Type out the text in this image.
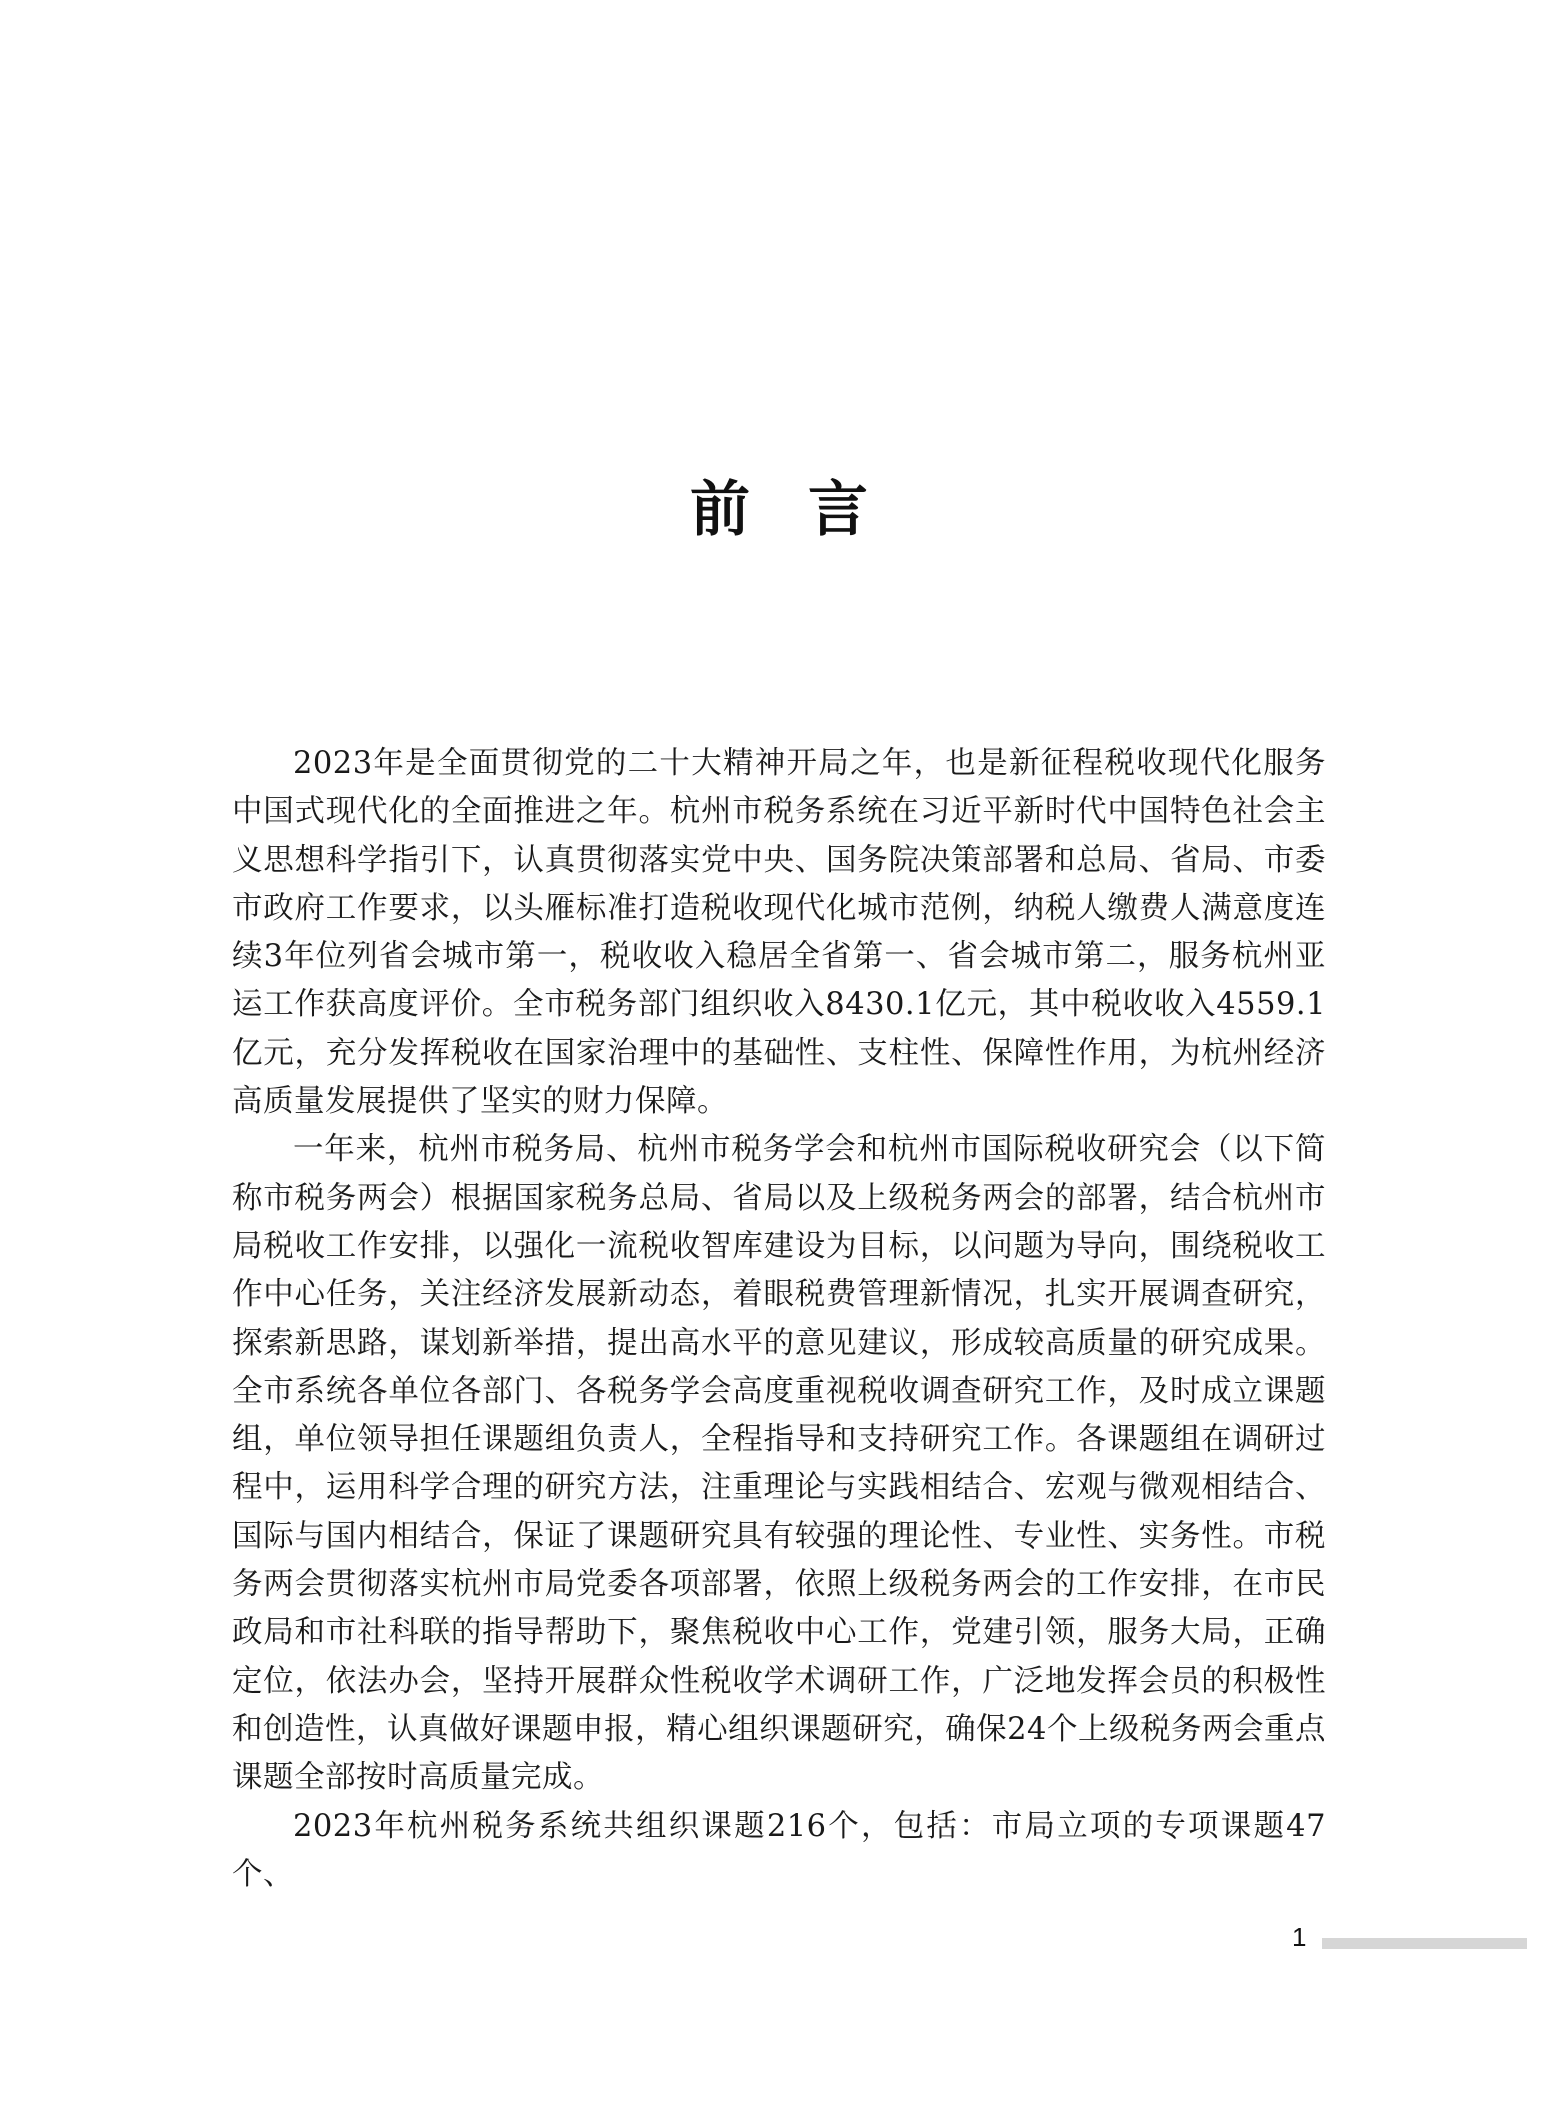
前言

2023年是全面贯彻党的二十大精神开局之年，也是新征程税收现代化服务中国式现代化的全面推进之年。杭州市税务系统在习近平新时代中国特色社会主义思想科学指引下，认真贯彻落实党中央、国务院决策部署和总局、省局、市委市政府工作要求，以头雁标准打造税收现代化城市范例，纳税人缴费人满意度连续3年位列省会城市第一，税收收入稳居全省第一、省会城市第二，服务杭州亚运工作获高度评价。全市税务部门组织收入8430.1亿元，其中税收收入4559.1亿元，充分发挥税收在国家治理中的基础性、支柱性、保障性作用，为杭州经济高质量发展提供了坚实的财力保障。

一年来，杭州市税务局、杭州市税务学会和杭州市国际税收研究会（以下简称市税务两会）根据国家税务总局、省局以及上级税务两会的部署，结合杭州市局税收工作安排，以强化一流税收智库建设为目标，以问题为导向，围绕税收工作中心任务，关注经济发展新动态，着眼税费管理新情况，扎实开展调查研究，探索新思路，谋划新举措，提出高水平的意见建议，形成较高质量的研究成果。全市系统各单位各部门、各税务学会高度重视税收调查研究工作，及时成立课题组，单位领导担任课题组负责人，全程指导和支持研究工作。各课题组在调研过程中，运用科学合理的研究方法，注重理论与实践相结合、宏观与微观相结合、国际与国内相结合，保证了课题研究具有较强的理论性、专业性、实务性。市税务两会贯彻落实杭州市局党委各项部署，依照上级税务两会的工作安排，在市民政局和市社科联的指导帮助下，聚焦税收中心工作，党建引领，服务大局，正确定位，依法办会，坚持开展群众性税收学术调研工作，广泛地发挥会员的积极性和创造性，认真做好课题申报，精心组织课题研究，确保24个上级税务两会重点课题全部按时高质量完成。

2023年杭州税务系统共组织课题216个，包括：市局立项的专项课题47个、

1
